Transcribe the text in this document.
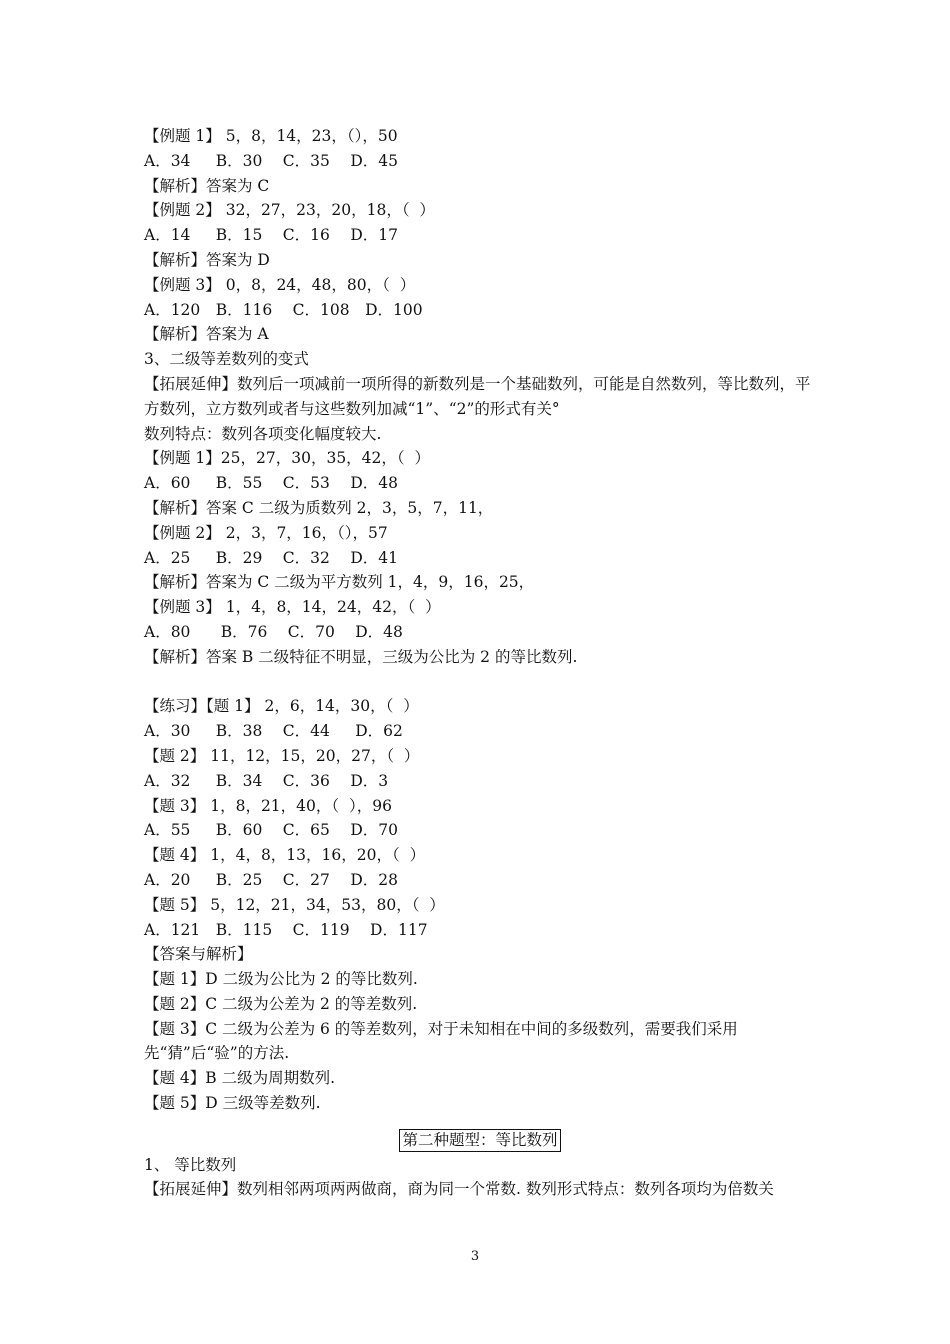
【例题 1】 5，8，14，23，（），50
A．34　  B．30　 C．35　 D．45
【解析】答案为 C
【例题 2】 32，27，23，20，18，（  ）
A．14　  B．15　 C．16　 D．17
【解析】答案为 D
【例题 3】 0，8，24，48，80，（  ）
A．120　B．116　 C．108　D．100
【解析】答案为 A
3、二级等差数列的变式
【拓展延伸】数列后一项减前一项所得的新数列是一个基础数列，可能是自然数列，等比数列，平方数列，立方数列或者与这些数列加减“1”、“2”的形式有关°
数列特点：数列各项变化幅度较大.
【例题 1】25，27，30，35，42，（  ）
A．60　  B．55　 C．53　 D．48
【解析】答案 C 二级为质数列 2，3，5，7，11，
【例题 2】 2，3，7，16，（），57
A．25　  B．29　 C．32　 D．41
【解析】答案为 C 二级为平方数列 1，4，9，16，25，
【例题 3】 1，4，8，14，24，42，（  ）
A．80　   B．76　 C．70　 D．48
【解析】答案 B 二级特征不明显，三级为公比为 2 的等比数列.
【练习】【题 1】 2，6，14，30，（  ）
A．30　  B．38　 C．44　  D．62
【题 2】 11，12，15，20，27，（  ）
A．32　  B．34　 C．36　 D．3
【题 3】 1，8，21，40，（  ），96
A．55　  B．60　 C．65　 D．70
【题 4】 1，4，8，13，16，20，（  ）
A．20　  B．25　 C．27　 D．28
【题 5】 5，12，21，34，53，80，（  ）
A．121　B．115　 C．119　 D．117
【答案与解析】
【题 1】D 二级为公比为 2 的等比数列.
【题 2】C 二级为公差为 2 的等差数列.
【题 3】C 二级为公差为 6 的等差数列，对于未知相在中间的多级数列，需要我们采用先“猜”后“验”的方法.
【题 4】B 二级为周期数列.
【题 5】D 三级等差数列.
第二种题型：等比数列
1、 等比数列
【拓展延伸】数列相邻两项两两做商，商为同一个常数. 数列形式特点：数列各项均为倍数关
3
